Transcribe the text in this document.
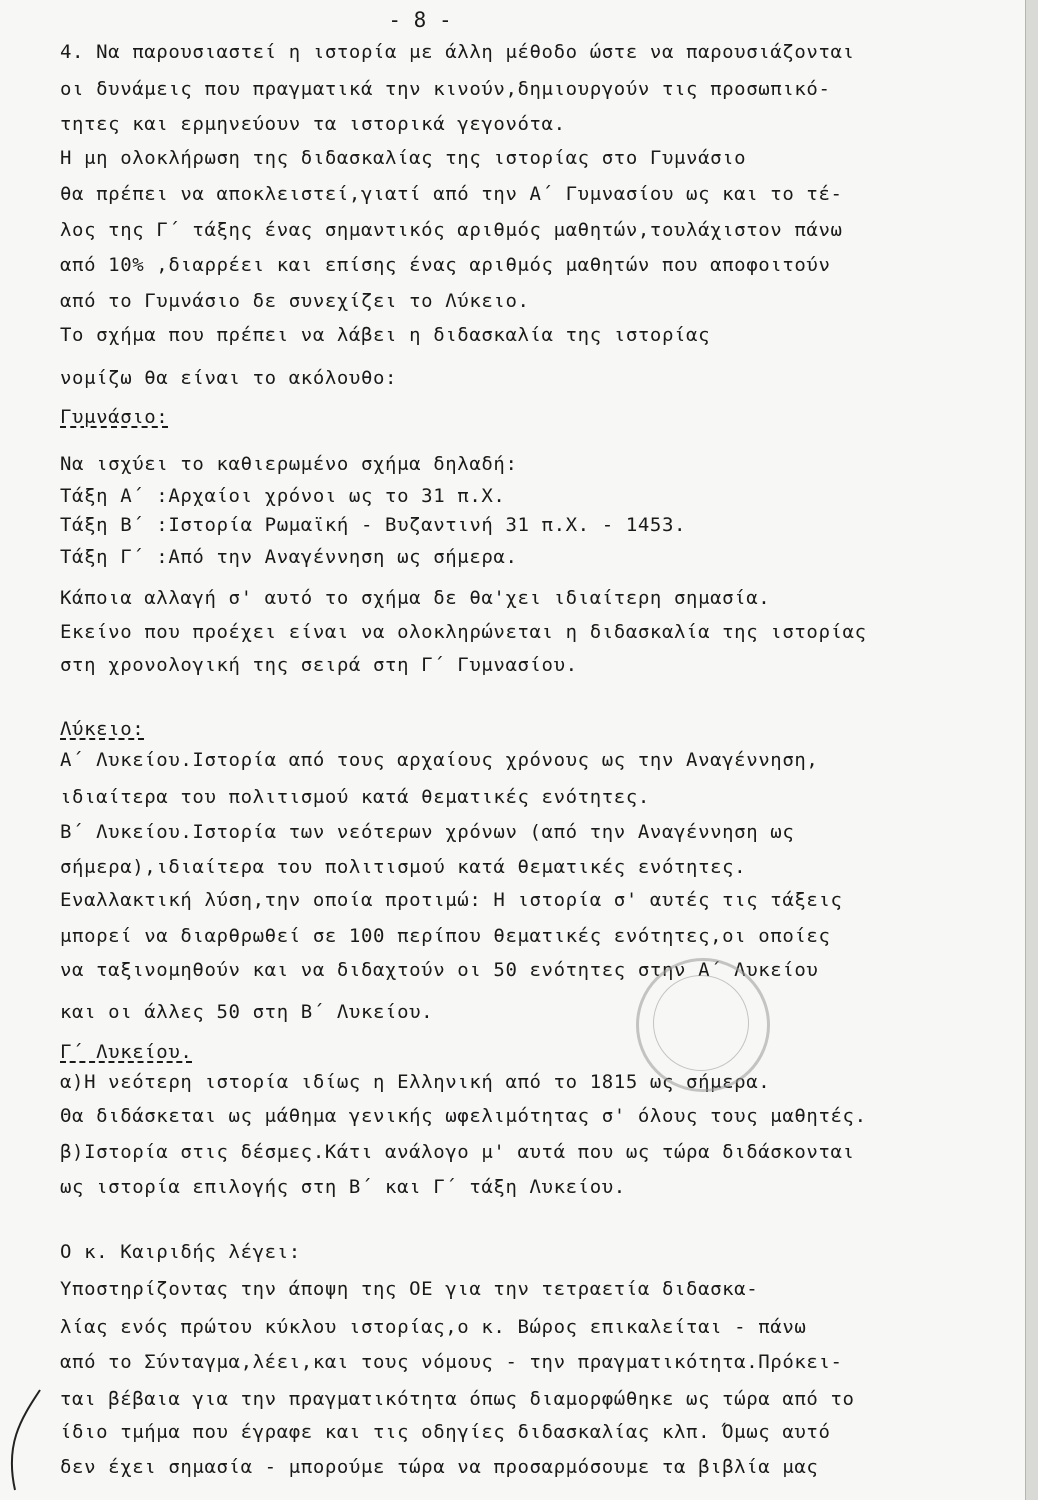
- 8 -
4. Να παρουσιαστεί η ιστορία με άλλη μέθοδο ώστε να παρουσιάζονται
οι δυνάμεις που πραγματικά την κινούν,δημιουργούν τις προσωπικό-
τητες και ερμηνεύουν τα ιστορικά γεγονότα.
Η μη ολοκλήρωση της διδασκαλίας της ιστορίας στο Γυμνάσιο
θα πρέπει να αποκλειστεί,γιατί από την Α΄ Γυμνασίου ως και το τέ-
λος της Γ΄ τάξης ένας σημαντικός αριθμός μαθητών,τουλάχιστον πάνω
από 10% ,διαρρέει και επίσης ένας αριθμός μαθητών που αποφοιτούν
από το Γυμνάσιο δε συνεχίζει το Λύκειο.
Το σχήμα που πρέπει να λάβει η διδασκαλία της ιστορίας
νομίζω θα είναι το ακόλουθο:
Γυμνάσιο:
Να ισχύει το καθιερωμένο σχήμα δηλαδή:
Τάξη Α΄ :Αρχαίοι χρόνοι ως το 31 π.Χ.
Τάξη Β΄ :Ιστορία Ρωμαϊκή - Βυζαντινή 31 π.Χ. - 1453.
Τάξη Γ΄ :Από την Αναγέννηση ως σήμερα.
Κάποια αλλαγή σ' αυτό το σχήμα δε θα'χει ιδιαίτερη σημασία.
Εκείνο που προέχει είναι να ολοκληρώνεται η διδασκαλία της ιστορίας
στη χρονολογική της σειρά στη Γ΄ Γυμνασίου.
Λύκειο:
Α΄ Λυκείου.Ιστορία από τους αρχαίους χρόνους ως την Αναγέννηση,
ιδιαίτερα του πολιτισμού κατά θεματικές ενότητες.
Β΄ Λυκείου.Ιστορία των νεότερων χρόνων (από την Αναγέννηση ως
σήμερα),ιδιαίτερα του πολιτισμού κατά θεματικές ενότητες.
Εναλλακτική λύση,την οποία προτιμώ: Η ιστορία σ' αυτές τις τάξεις
μπορεί να διαρθρωθεί σε 100 περίπου θεματικές ενότητες,οι οποίες
να ταξινομηθούν και να διδαχτούν οι 50 ενότητες στην Α΄ Λυκείου
και οι άλλες 50 στη Β΄ Λυκείου.
Γ΄ Λυκείου.
α)Η νεότερη ιστορία ιδίως η Ελληνική από το 1815 ως σήμερα.
Θα διδάσκεται ως μάθημα γενικής ωφελιμότητας σ' όλους τους μαθητές.
β)Ιστορία στις δέσμες.Κάτι ανάλογο μ' αυτά που ως τώρα διδάσκονται
ως ιστορία επιλογής στη Β΄ και Γ΄ τάξη Λυκείου.
Ο κ. Καιριδής λέγει:
Υποστηρίζοντας την άποψη της ΟΕ για την τετραετία διδασκα-
λίας ενός πρώτου κύκλου ιστορίας,ο κ. Βώρος επικαλείται - πάνω
από το Σύνταγμα,λέει,και τους νόμους - την πραγματικότητα.Πρόκει-
ται βέβαια για την πραγματικότητα όπως διαμορφώθηκε ως τώρα από το
ίδιο τμήμα που έγραφε και τις οδηγίες διδασκαλίας κλπ. Όμως αυτό
δεν έχει σημασία - μπορούμε τώρα να προσαρμόσουμε τα βιβλία μας
